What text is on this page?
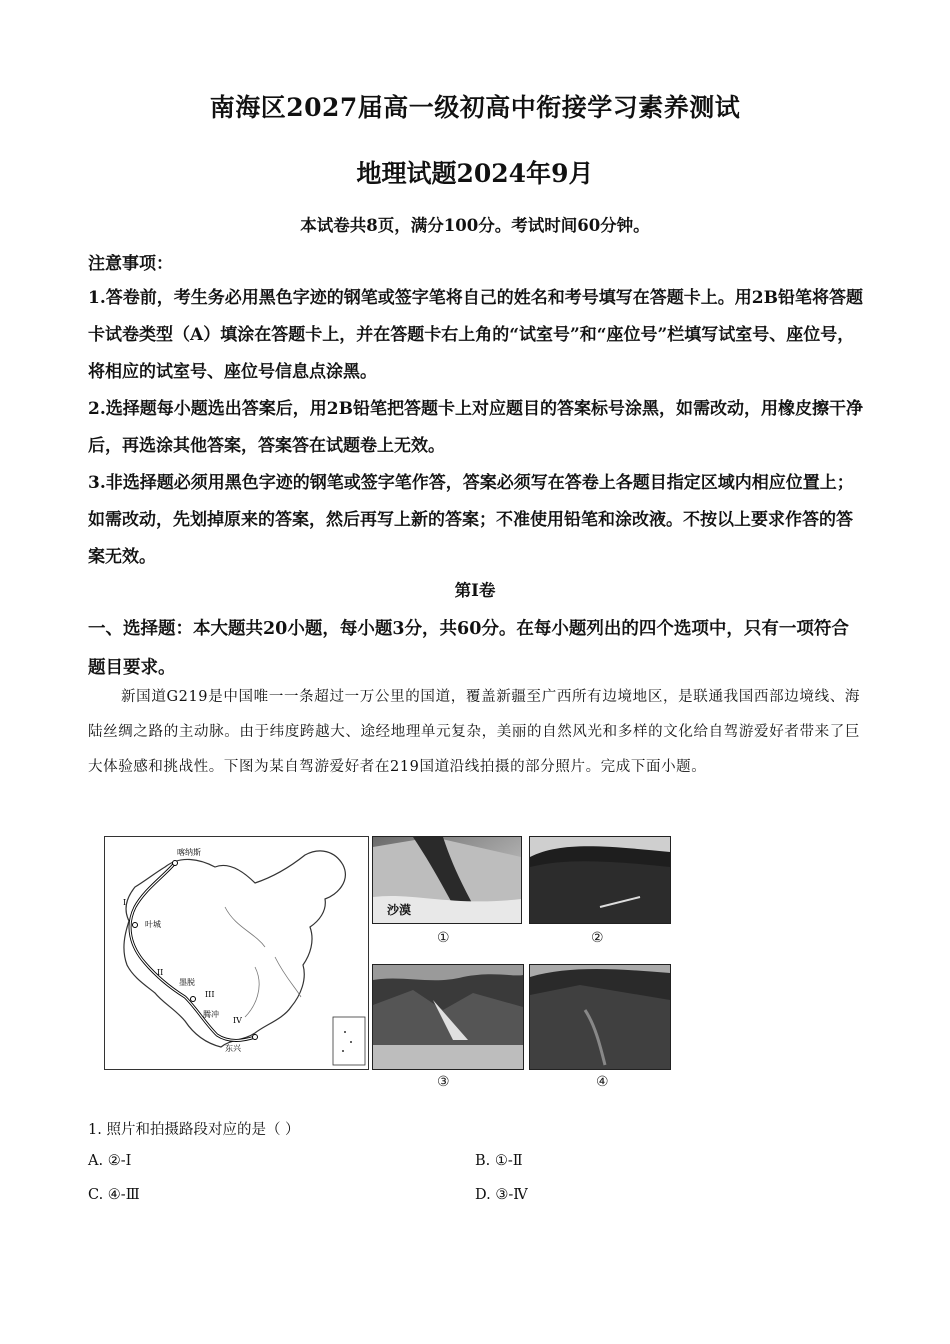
南海区2027届高一级初高中衔接学习素养测试
地理试题2024年9月
本试卷共8页，满分100分。考试时间60分钟。
注意事项：

1.答卷前，考生务必用黑色字迹的钢笔或签字笔将自己的姓名和考号填写在答题卡上。用2B铅笔将答题卡试卷类型（A）填涂在答题卡上，并在答题卡右上角的“试室号”和“座位号”栏填写试室号、座位号，将相应的试室号、座位号信息点涂黑。

2.选择题每小题选出答案后，用2B铅笔把答题卡上对应题目的答案标号涂黑，如需改动，用橡皮擦干净后，再选涂其他答案，答案答在试题卷上无效。

3.非选择题必须用黑色字迹的钢笔或签字笔作答，答案必须写在答卷上各题目指定区域内相应位置上；如需改动，先划掉原来的答案，然后再写上新的答案；不准使用铅笔和涂改液。不按以上要求作答的答案无效。

第I卷
一、选择题：本大题共20小题，每小题3分，共60分。在每小题列出的四个选项中，只有一项符合题目要求。
新国道G219是中国唯一一条超过一万公里的国道，覆盖新疆至广西所有边境地区，是联通我国西部边境线、海陆丝绸之路的主动脉。由于纬度跨越大、途经地理单元复杂，美丽的自然风光和多样的文化给自驾游爱好者带来了巨大体验感和挑战性。下图为某自驾游爱好者在219国道沿线拍摄的部分照片。完成下面小题。
喀纳斯
叶城
I
II
墨脱
III
腾冲
IV
东兴
沙漠
①	②
③	④
1. 照片和拍摄路段对应的是（ ）
A. ②-I	B. ①-Ⅱ
C. ④-Ⅲ	D. ③-Ⅳ
